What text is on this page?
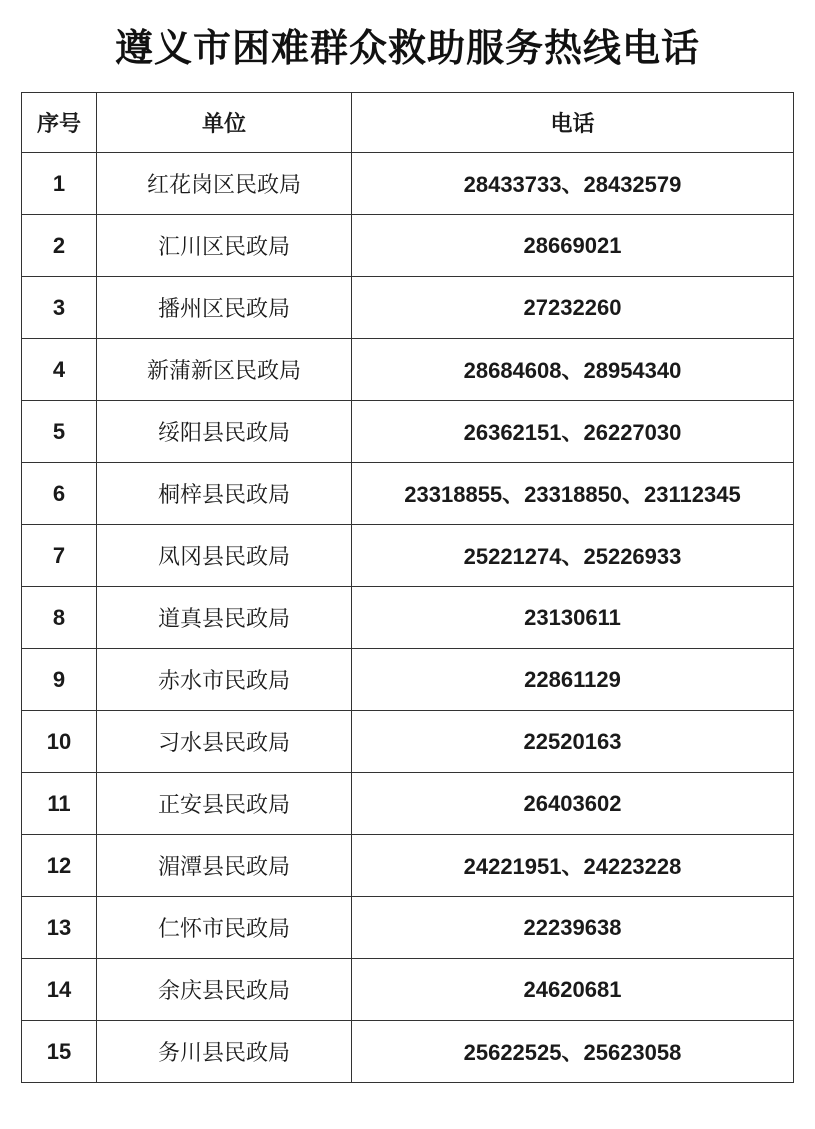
遵义市困难群众救助服务热线电话
序号	单位	电话
1	红花岗区民政局	28433733、28432579
2	汇川区民政局	28669021
3	播州区民政局	27232260
4	新蒲新区民政局	28684608、28954340
5	绥阳县民政局	26362151、26227030
6	桐梓县民政局	23318855、23318850、23112345
7	凤冈县民政局	25221274、25226933
8	道真县民政局	23130611
9	赤水市民政局	22861129
10	习水县民政局	22520163
11	正安县民政局	26403602
12	湄潭县民政局	24221951、24223228
13	仁怀市民政局	22239638
14	余庆县民政局	24620681
15	务川县民政局	25622525、25623058
